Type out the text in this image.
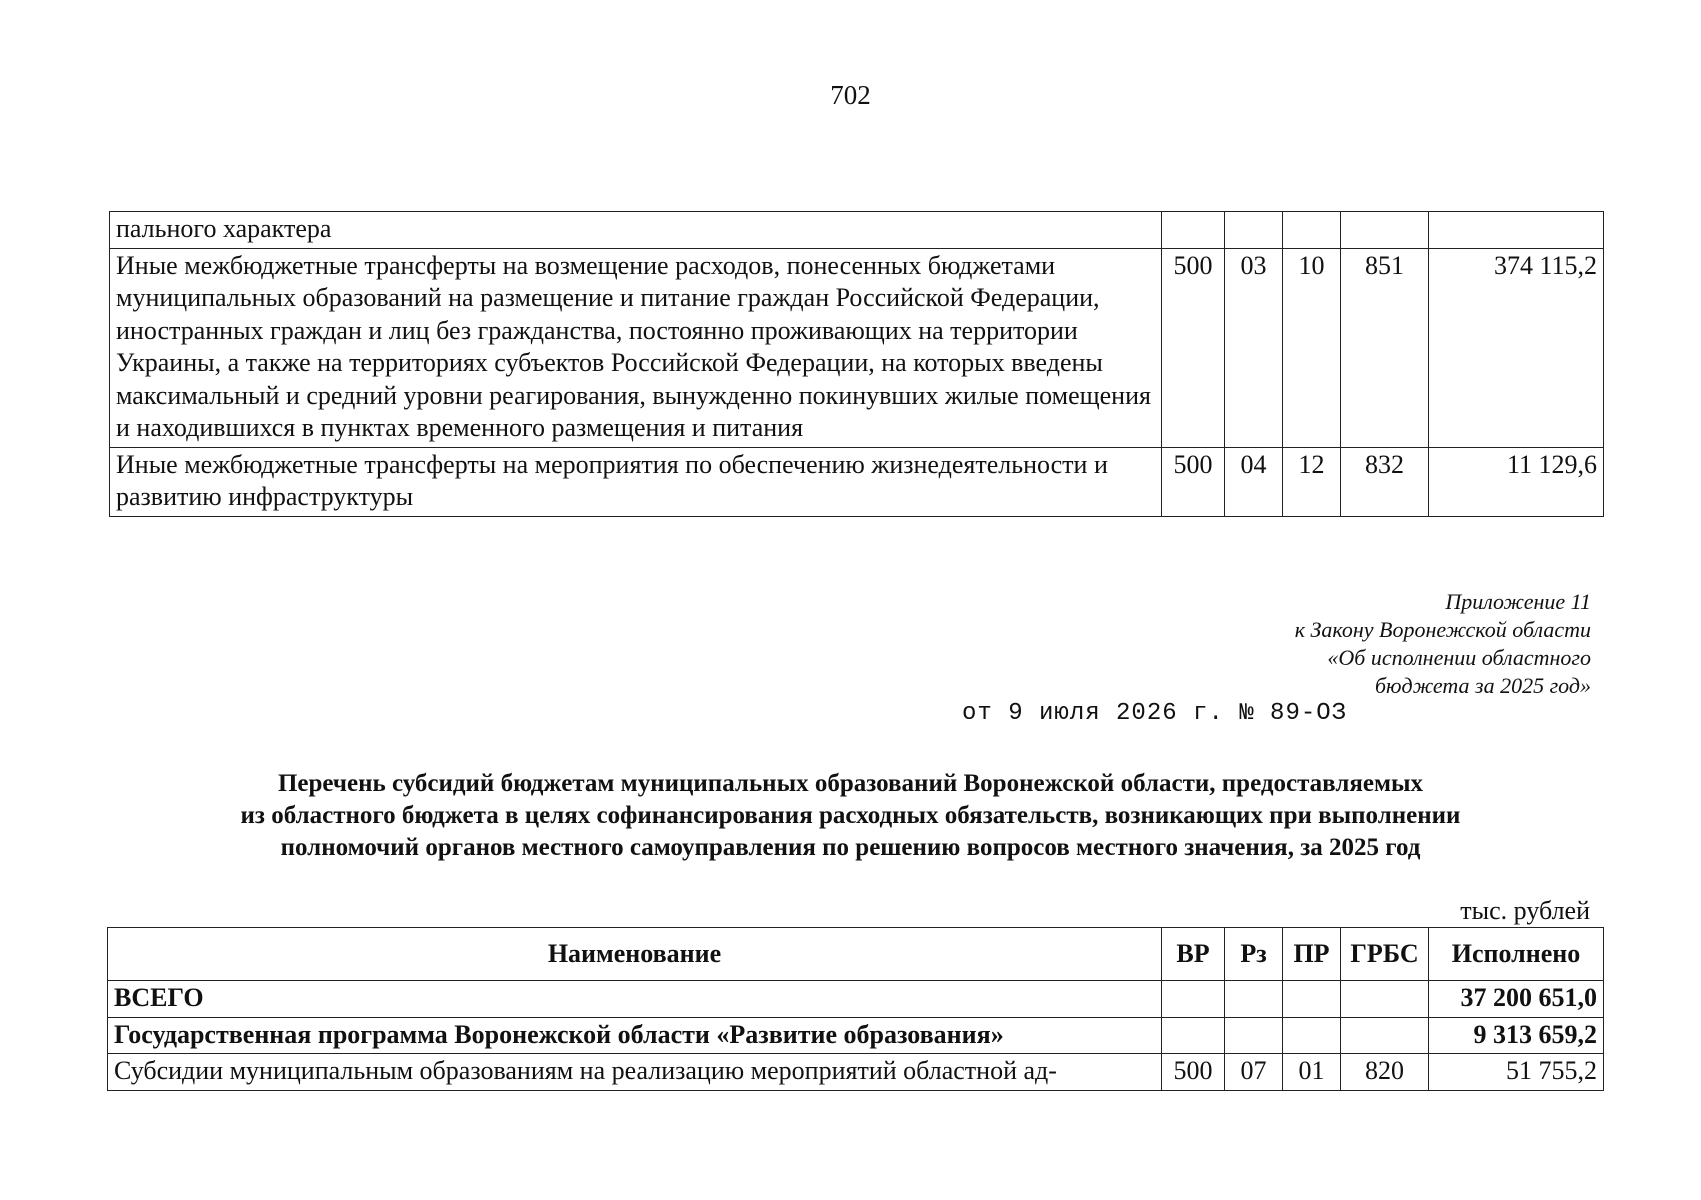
702
пального характера					
Иные межбюджетные трансферты на возмещение расходов, понесенных бюджетами муниципальных образований на размещение и питание граждан Российской Федерации, иностранных граждан и лиц без гражданства, постоянно проживающих на территории Украины, а также на территориях субъектов Российской Федерации, на которых введены максимальный и средний уровни реагирования, вынужденно покинувших жилые помещения и находившихся в пунктах временного размещения и питания	500	03	10	851	374 115,2
Иные межбюджетные трансферты на мероприятия по обеспечению жизнедеятельности и развитию инфраструктуры	500	04	12	832	11 129,6
Приложение 11
к Закону Воронежской области
«Об исполнении областного
бюджета за 2025 год»
от 9 июля 2026 г. № 89-ОЗ
Перечень субсидий бюджетам муниципальных образований Воронежской области, предоставляемых
из областного бюджета в целях софинансирования расходных обязательств, возникающих при выполнении
полномочий органов местного самоуправления по решению вопросов местного значения, за 2025 год
тыс. рублей
Наименование	ВР	Рз	ПР	ГРБС	Исполнено
ВСЕГО					37 200 651,0
Государственная программа Воронежской области «Развитие образования»					9 313 659,2
Субсидии муниципальным образованиям на реализацию мероприятий областной ад-	500	07	01	820	51 755,2
